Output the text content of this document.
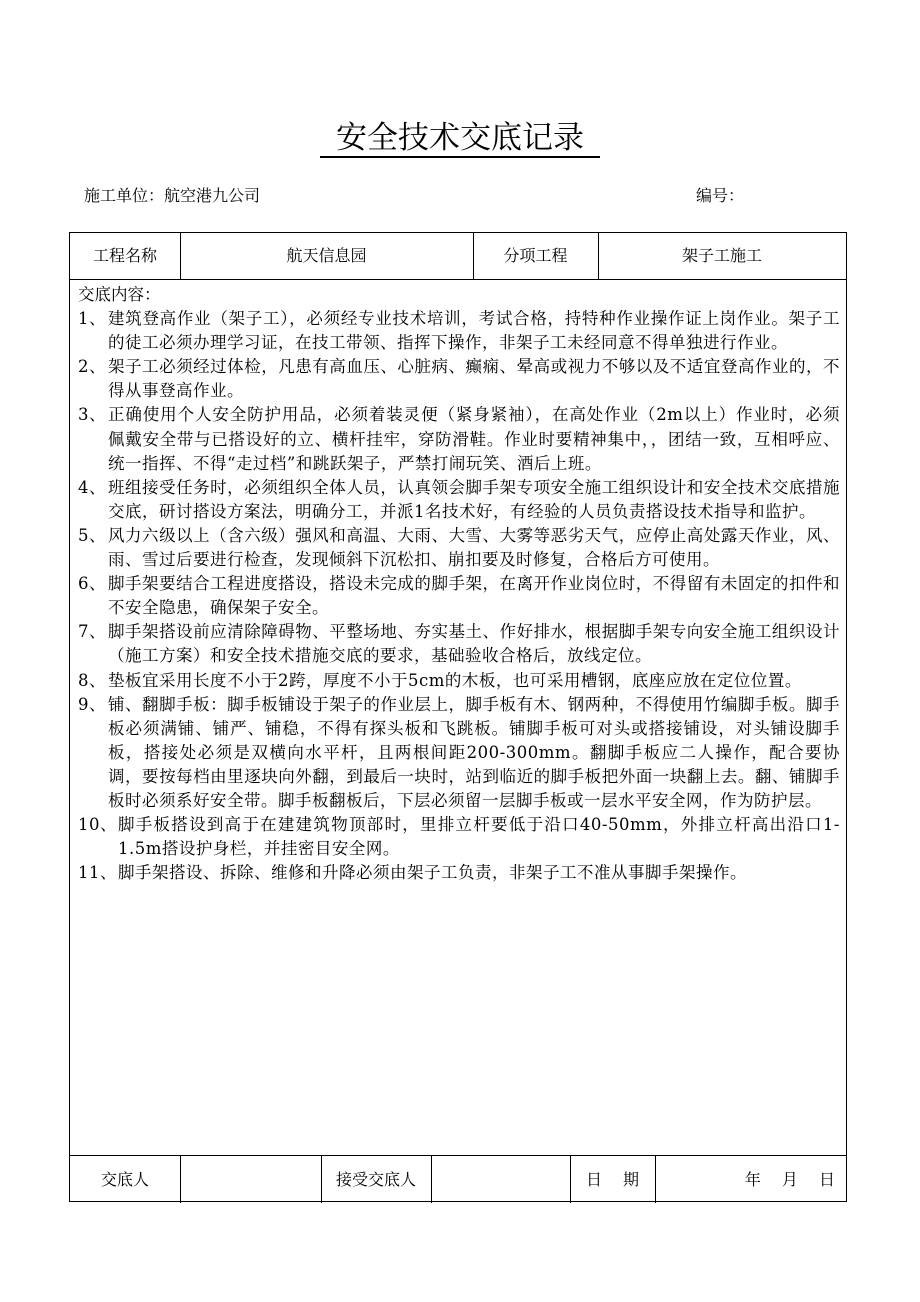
安全技术交底记录
施工单位：航空港九公司	编号：
工程名称	航天信息园	分项工程	架子工施工
交底内容：
1、 建筑登高作业（架子工），必须经专业技术培训，考试合格，持特种作业操作证上岗作业。架子工的徒工必须办理学习证，在技工带领、指挥下操作，非架子工未经同意不得单独进行作业。
2、 架子工必须经过体检，凡患有高血压、心脏病、癫痫、晕高或视力不够以及不适宜登高作业的，不得从事登高作业。
3、 正确使用个人安全防护用品，必须着装灵便（紧身紧袖），在高处作业（2m以上）作业时，必须佩戴安全带与已搭设好的立、横杆挂牢，穿防滑鞋。作业时要精神集中，，团结一致，互相呼应、统一指挥、不得“走过档”和跳跃架子，严禁打闹玩笑、酒后上班。
4、 班组接受任务时，必须组织全体人员，认真领会脚手架专项安全施工组织设计和安全技术交底措施交底，研讨搭设方案法，明确分工，并派1名技术好，有经验的人员负责搭设技术指导和监护。
5、 风力六级以上（含六级）强风和高温、大雨、大雪、大雾等恶劣天气，应停止高处露天作业，风、雨、雪过后要进行检查，发现倾斜下沉松扣、崩扣要及时修复，合格后方可使用。
6、 脚手架要结合工程进度搭设，搭设未完成的脚手架，在离开作业岗位时，不得留有未固定的扣件和不安全隐患，确保架子安全。
7、 脚手架搭设前应清除障碍物、平整场地、夯实基土、作好排水，根据脚手架专向安全施工组织设计（施工方案）和安全技术措施交底的要求，基础验收合格后，放线定位。
8、 垫板宜采用长度不小于2跨，厚度不小于5cm的木板，也可采用槽钢，底座应放在定位位置。
9、 铺、翻脚手板：脚手板铺设于架子的作业层上，脚手板有木、钢两种，不得使用竹编脚手板。脚手板必须满铺、铺严、铺稳，不得有探头板和飞跳板。铺脚手板可对头或搭接铺设，对头铺设脚手板，搭接处必须是双横向水平杆，且两根间距200-300mm。翻脚手板应二人操作，配合要协调，要按每档由里逐块向外翻，到最后一块时，站到临近的脚手板把外面一块翻上去。翻、铺脚手板时必须系好安全带。脚手板翻板后，下层必须留一层脚手板或一层水平安全网，作为防护层。
10、 脚手板搭设到高于在建建筑物顶部时，里排立杆要低于沿口40-50mm，外排立杆高出沿口1-1.5m搭设护身栏，并挂密目安全网。
11、 脚手架搭设、拆除、维修和升降必须由架子工负责，非架子工不准从事脚手架操作。
交底人	接受交底人	日　 期	年　 月　 日
